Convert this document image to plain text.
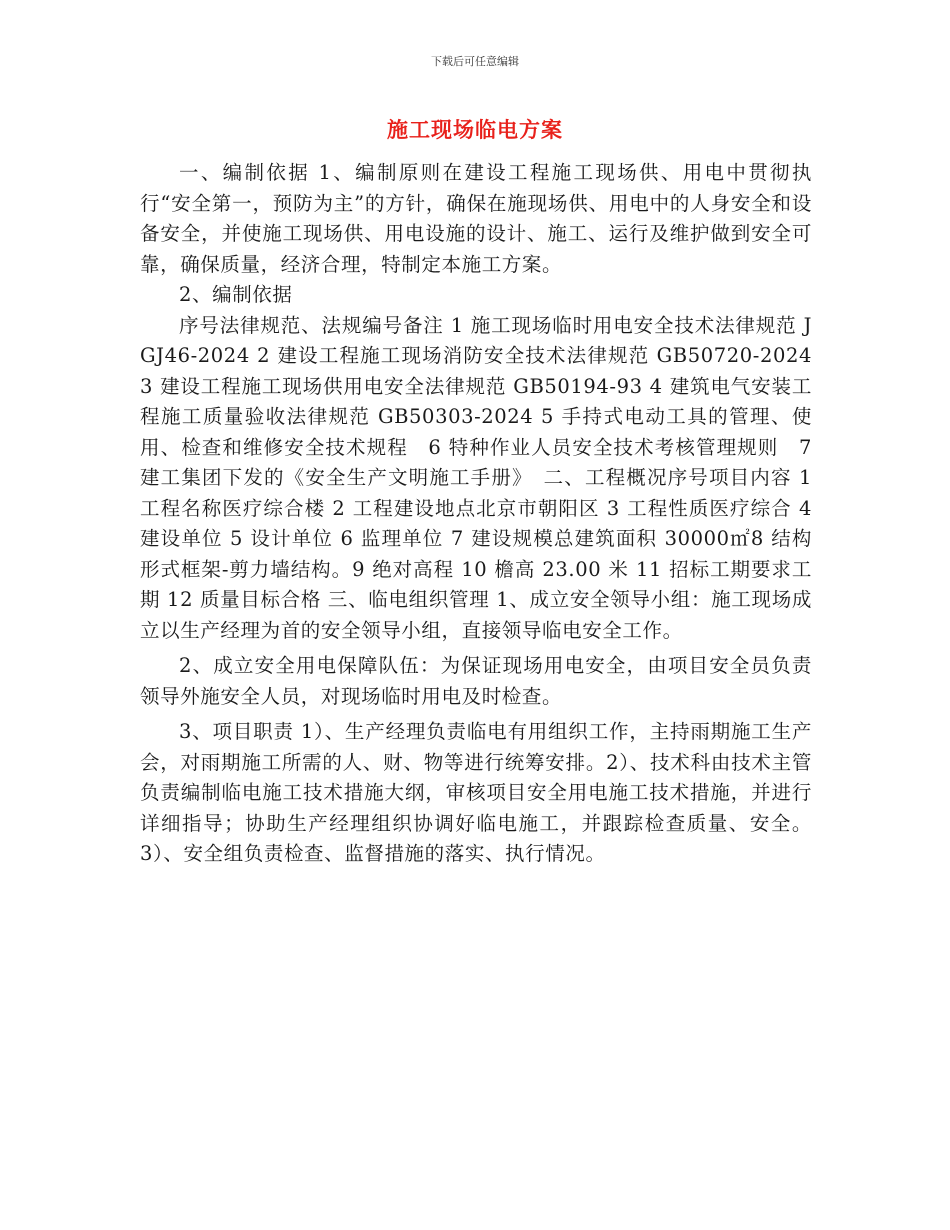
下载后可任意编辑
施工现场临电方案

一、编制依据 1、编制原则在建设工程施工现场供、用电中贯彻执行“安全第一，预防为主”的方针，确保在施现场供、用电中的人身安全和设备安全，并使施工现场供、用电设施的设计、施工、运行及维护做到安全可靠，确保质量，经济合理，特制定本施工方案。

2、编制依据

序号法律规范、法规编号备注 1 施工现场临时用电安全技术法律规范 JGJ46-2024 2 建设工程施工现场消防安全技术法律规范 GB50720-2024 3 建设工程施工现场供用电安全法律规范 GB50194-93 4 建筑电气安装工程施工质量验收法律规范 GB50303-2024 5 手持式电动工具的管理、使用、检查和维修安全技术规程　6 特种作业人员安全技术考核管理规则　7 建工集团下发的《安全生产文明施工手册》　二、工程概况序号项目内容 1 工程名称医疗综合楼 2 工程建设地点北京市朝阳区 3 工程性质医疗综合 4 建设单位 5 设计单位 6 监理单位 7 建设规模总建筑面积 30000㎡8 结构形式框架-剪力墙结构。9 绝对高程 10 檐高 23.00 米 11 招标工期要求工期 12 质量目标合格 三、临电组织管理 1、成立安全领导小组：施工现场成立以生产经理为首的安全领导小组，直接领导临电安全工作。

2、成立安全用电保障队伍：为保证现场用电安全，由项目安全员负责领导外施安全人员，对现场临时用电及时检查。

3、项目职责 1）、生产经理负责临电有用组织工作，主持雨期施工生产会，对雨期施工所需的人、财、物等进行统筹安排。2）、技术科由技术主管负责编制临电施工技术措施大纲，审核项目安全用电施工技术措施，并进行详细指导；协助生产经理组织协调好临电施工，并跟踪检查质量、安全。3）、安全组负责检查、监督措施的落实、执行情况。
